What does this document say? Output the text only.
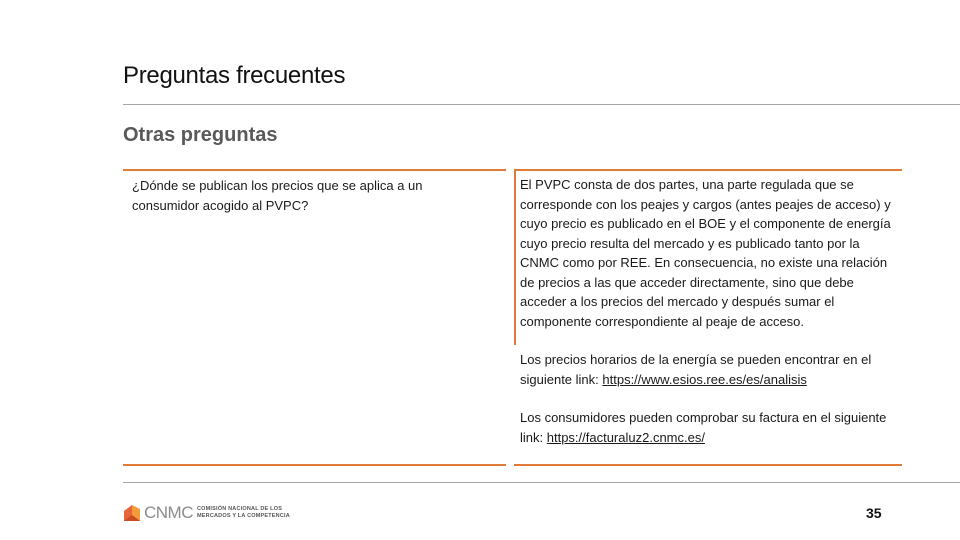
Preguntas frecuentes
Otras preguntas
¿Dónde se publican los precios que se aplica a un consumidor acogido al PVPC?

El PVPC consta de dos partes, una parte regulada que se corresponde con los peajes y cargos (antes peajes de acceso) y cuyo precio es publicado en el BOE y el componente de energía cuyo precio resulta del mercado y es publicado tanto por la CNMC como por REE. En consecuencia, no existe una relación de precios a las que acceder directamente, sino que debe acceder a los precios del mercado y después sumar el componente correspondiente al peaje de acceso.

Los precios horarios de la energía se pueden encontrar en el siguiente link: https://www.esios.ree.es/es/analisis

Los consumidores pueden comprobar su factura en el siguiente link: https://facturaluz2.cnmc.es/

CNMC COMISIÓN NACIONAL DE LOS
MERCADOS Y LA COMPETENCIA	35
